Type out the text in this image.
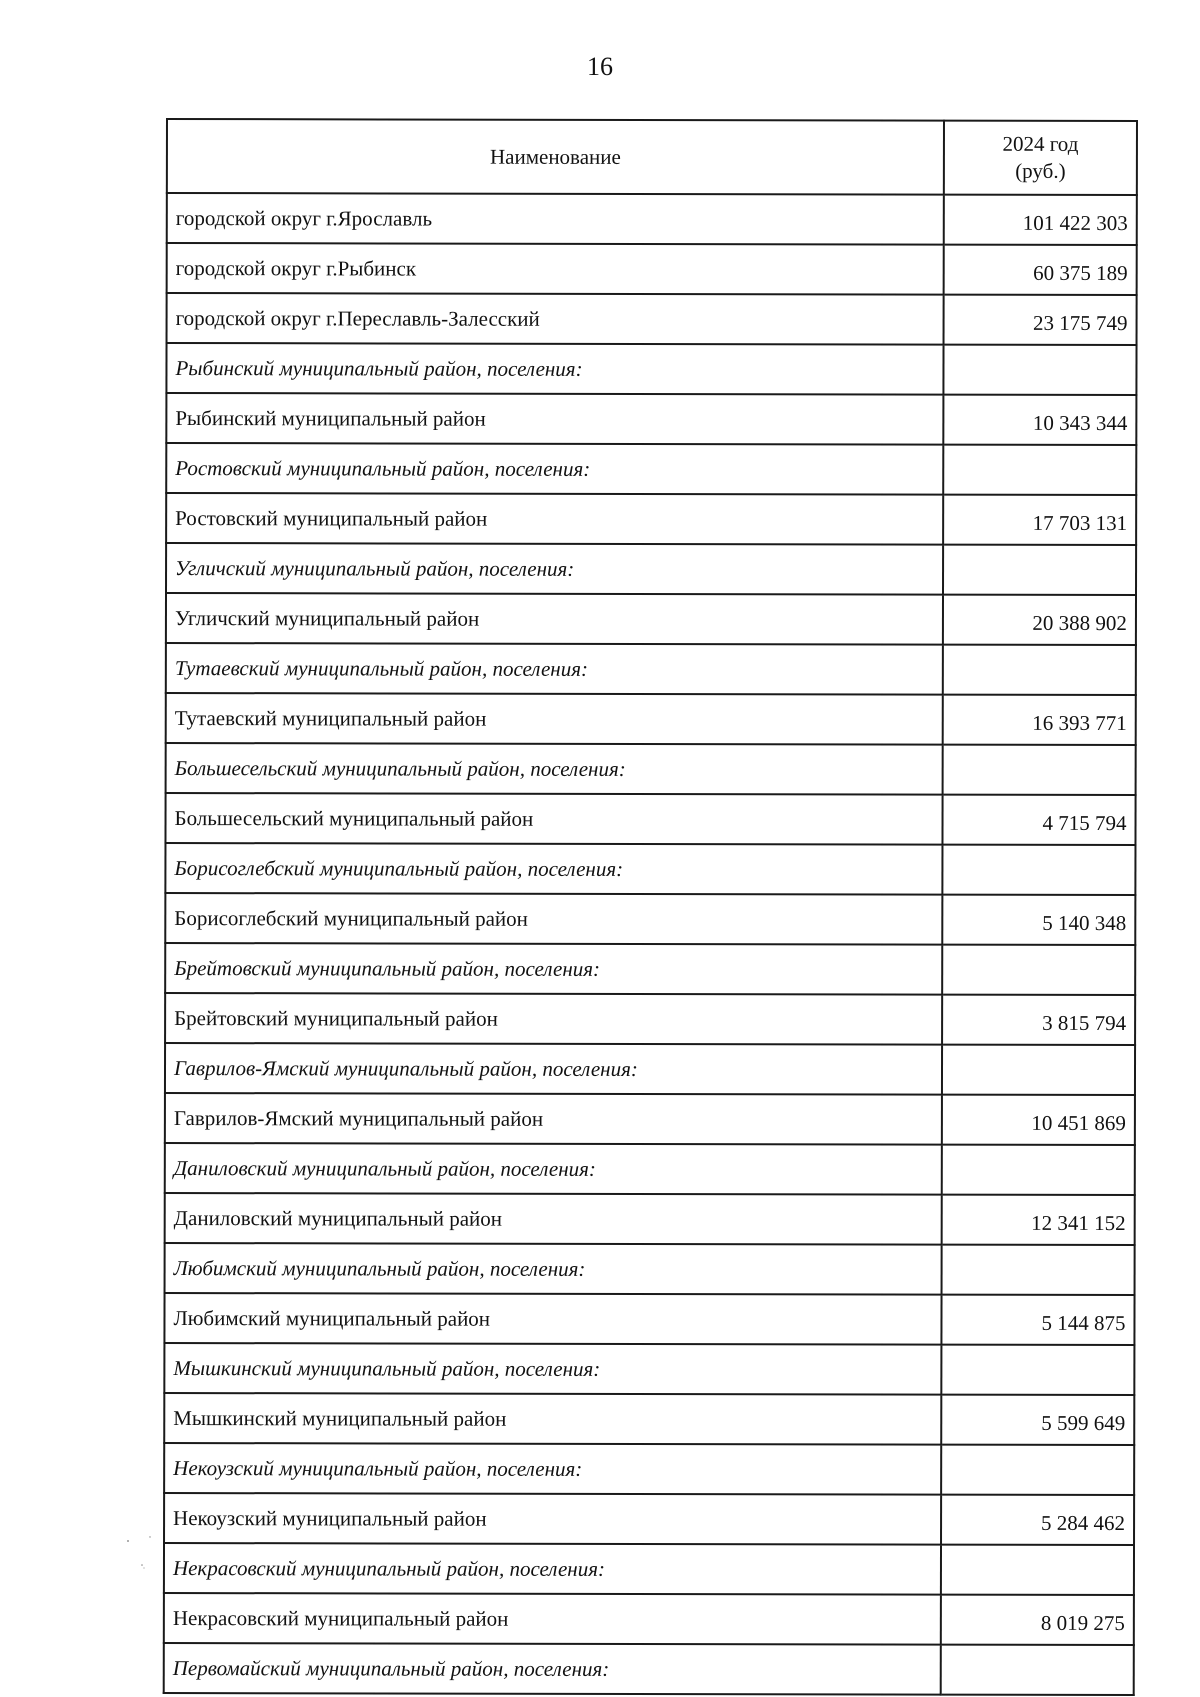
16
Наименование	2024 год
(руб.)
городской округ г.Ярославль	101 422 303
городской округ г.Рыбинск	60 375 189
городской округ г.Переславль-Залесский	23 175 749
Рыбинский муниципальный район, поселения:	
Рыбинский муниципальный район	10 343 344
Ростовский муниципальный район, поселения:	
Ростовский муниципальный район	17 703 131
Угличский муниципальный район, поселения:	
Угличский муниципальный район	20 388 902
Тутаевский муниципальный район, поселения:	
Тутаевский муниципальный район	16 393 771
Большесельский муниципальный район, поселения:	
Большесельский муниципальный район	4 715 794
Борисоглебский муниципальный район, поселения:	
Борисоглебский муниципальный район	5 140 348
Брейтовский муниципальный район, поселения:	
Брейтовский муниципальный район	3 815 794
Гаврилов-Ямский муниципальный район, поселения:	
Гаврилов-Ямский муниципальный район	10 451 869
Даниловский муниципальный район, поселения:	
Даниловский муниципальный район	12 341 152
Любимский муниципальный район, поселения:	
Любимский муниципальный район	5 144 875
Мышкинский муниципальный район, поселения:	
Мышкинский муниципальный район	5 599 649
Некоузский муниципальный район, поселения:	
Некоузский муниципальный район	5 284 462
Некрасовский муниципальный район, поселения:	
Некрасовский муниципальный район	8 019 275
Первомайский муниципальный район, поселения:	
